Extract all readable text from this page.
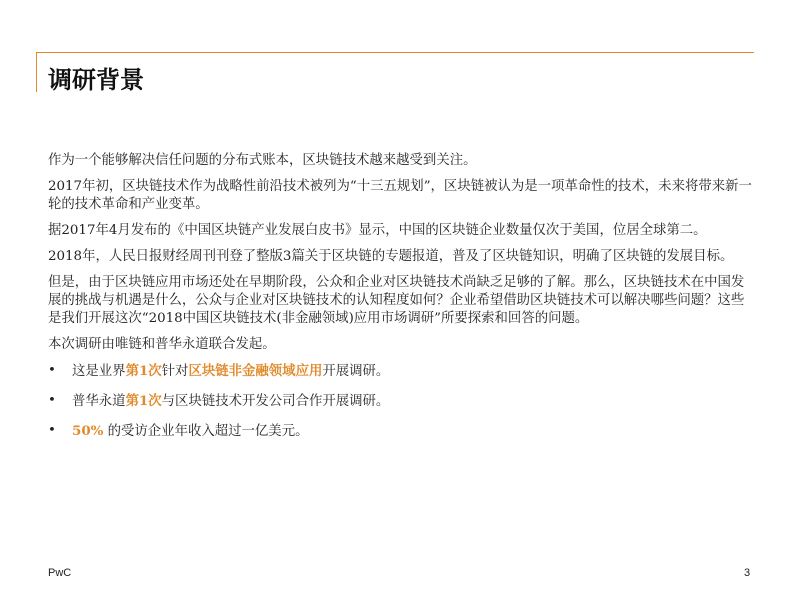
调研背景

作为一个能够解决信任问题的分布式账本，区块链技术越来越受到关注。

2017年初，区块链技术作为战略性前沿技术被列为“十三五规划”，区块链被认为是一项革命性的技术，未来将带来新一轮的技术革命和产业变革。

据2017年4月发布的《中国区块链产业发展白皮书》显示，中国的区块链企业数量仅次于美国，位居全球第二。

2018年，人民日报财经周刊刊登了整版3篇关于区块链的专题报道，普及了区块链知识，明确了区块链的发展目标。

但是，由于区块链应用市场还处在早期阶段，公众和企业对区块链技术尚缺乏足够的了解。那么，区块链技术在中国发展的挑战与机遇是什么，公众与企业对区块链技术的认知程度如何？企业希望借助区块链技术可以解决哪些问题？这些是我们开展这次“2018中国区块链技术(非金融领域)应用市场调研”所要探索和回答的问题。

本次调研由唯链和普华永道联合发起。

• 这是业界第1次针对区块链非金融领域应用开展调研。
• 普华永道第1次与区块链技术开发公司合作开展调研。
• 50% 的受访企业年收入超过一亿美元。
PwC	3
